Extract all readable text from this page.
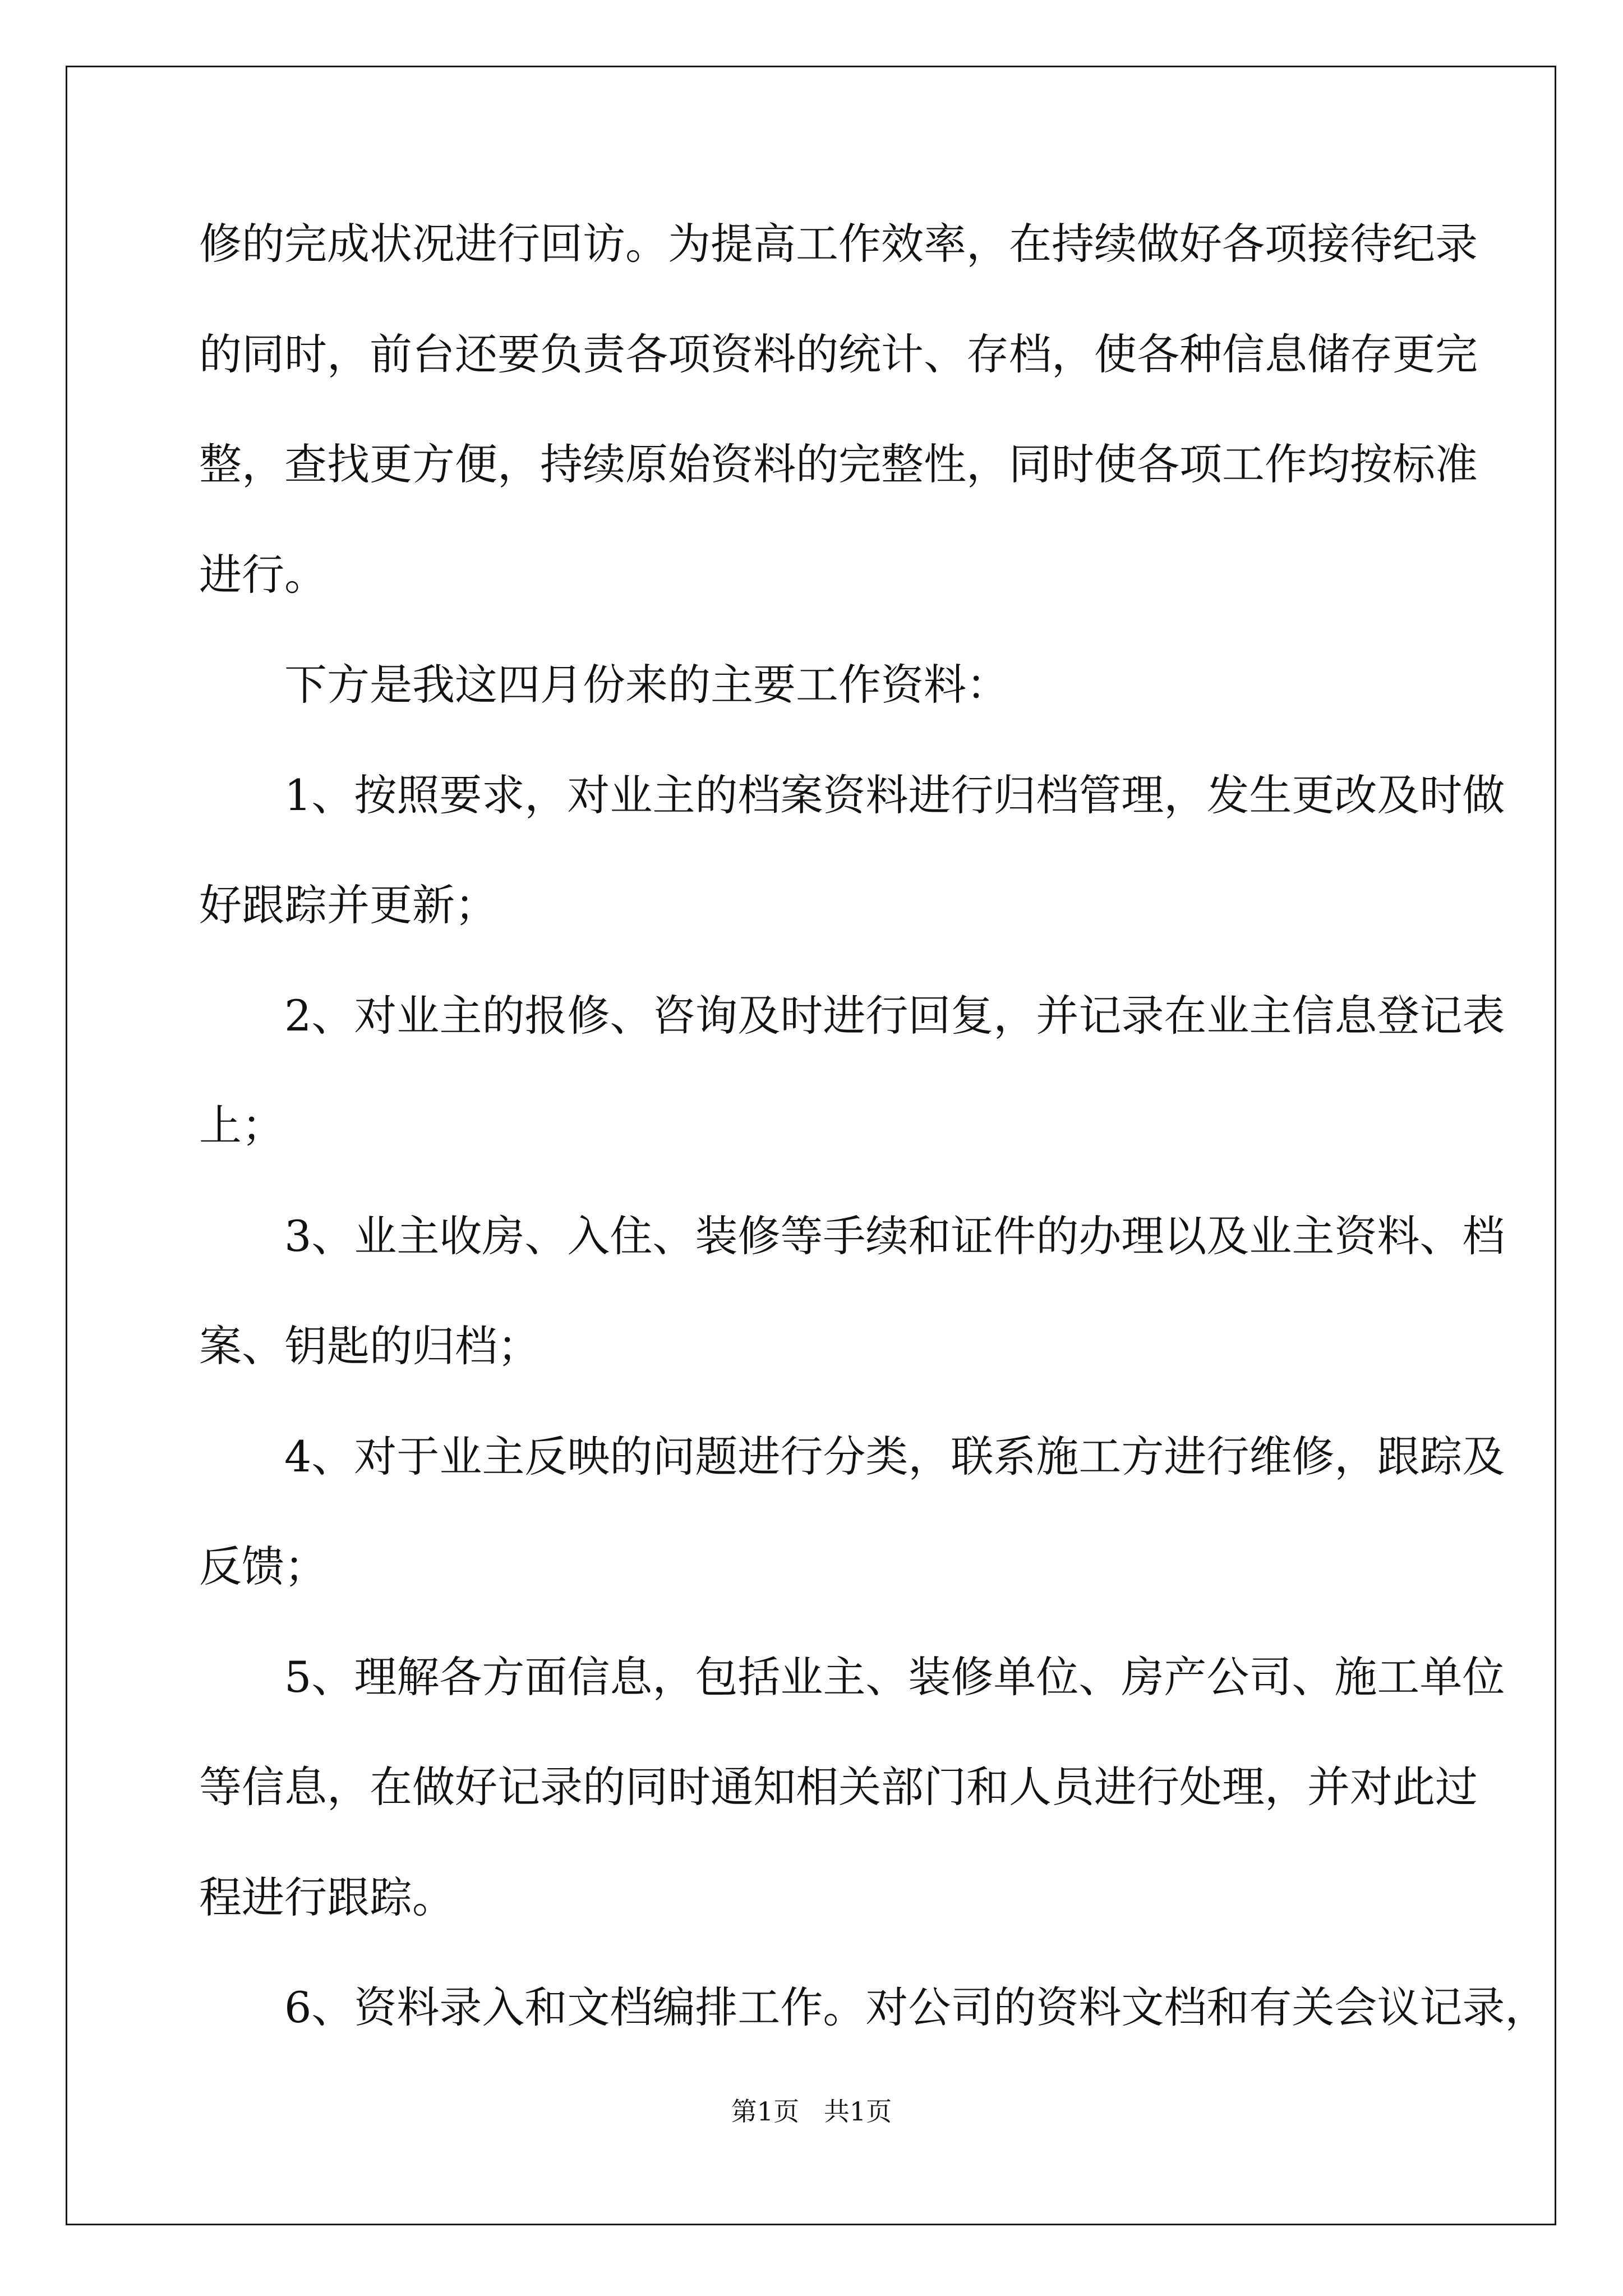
修的完成状况进行回访。为提高工作效率，在持续做好各项接待纪录
的同时，前台还要负责各项资料的统计、存档，使各种信息储存更完
整，查找更方便，持续原始资料的完整性，同时使各项工作均按标准
进行。
下方是我这四月份来的主要工作资料：
1、按照要求，对业主的档案资料进行归档管理，发生更改及时做
好跟踪并更新；
2、对业主的报修、咨询及时进行回复，并记录在业主信息登记表
上；
3、业主收房、入住、装修等手续和证件的办理以及业主资料、档
案、钥匙的归档；
4、对于业主反映的问题进行分类，联系施工方进行维修，跟踪及
反馈；
5、理解各方面信息，包括业主、装修单位、房产公司、施工单位
等信息，在做好记录的同时通知相关部门和人员进行处理，并对此过
程进行跟踪。
6、资料录入和文档编排工作。对公司的资料文档和有关会议记录，
第1页   共1页
